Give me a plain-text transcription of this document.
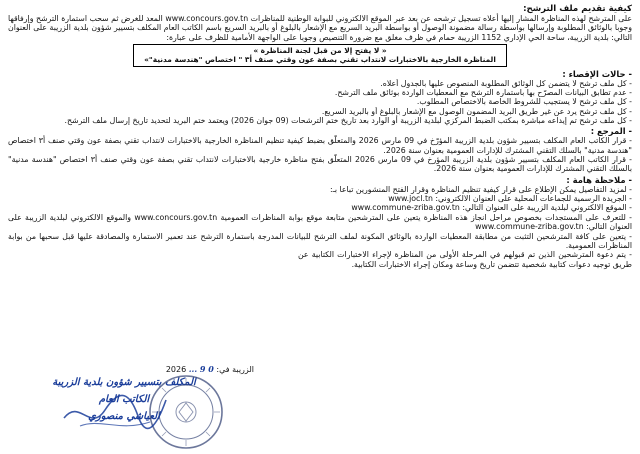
كيفية تقديم ملف الترشح:
على المترشح لهذه المناظرة المشار إليها أعلاه تسجيل ترشحه عن بعد عبر الموقع الالكتروني للبوابة الوطنية للمناظرات www.concours.gov.tn المعد للغرض ثم سحب استمارة الترشح وإرفاقها وجوبا بالوثائق المطلوبة وإرسالها بواسطة رسالة مضمونة الوصول أو بواسطة البريد السريع مع الإشعار بالبلوغ أو بالبريد السريع باسم الكاتب العام المكلف بتسيير شؤون بلدية الزريبة على العنوان التالي: بلدية الزريبة، ساحة الحي الإداري 1152 الزريبة حمام في ظرف مغلق مع ضرورة التنصيص وجوبا على الواجهة الأمامية للظرف على عبارة:
« لا يفتح إلا من قبل لجنة المناظرة »
المناظرة الخارجية بالاختبارات لانتداب تقني بصفة عون وقتي صنف أ٣ " اختصاص "هندسة مدنية"»
- حالات الإقصاء :
- كل ملف ترشح لا يتضمن كل الوثائق المطلوبة المنصوص عليها بالجدول أعلاه.
- عدم تطابق البيانات المصرّح بها باستمارة الترشح مع المعطيات الواردة بوثائق ملف الترشح.
- كل ملف ترشح لا يستجيب للشروط الخاصة بالاختصاص المطلوب.
- كل ملف ترشح يرد عن غير طريق البريد المضمون الوصول مع الإشعار بالبلوغ أو بالبريد السريع.
- كل ملف ترشح تم إيداعه مباشرة بمكتب الضبط المركزي لبلدية الزريبة أو الوارد بعد تاريخ ختم الترشحات (09 جوان 2026) ويعتمد ختم البريد لتحديد تاريخ إرسال ملف الترشح.
- المرجع :
- قرار الكاتب العام المكلف بتسيير شؤون بلدية الزريبة المؤرّخ في 09 مارس 2026 والمتعلّق بضبط كيفية تنظيم المناظرة الخارجية بالاختبارات لانتداب تقني بصفة عون وقتي صنف أ٣ اختصاص "هندسة مدنية" بالسلك التقني المشترك للإدارات العمومية بعنوان سنة 2026.
- قرار الكاتب العام المكلف بتسيير شؤون بلدية الزريبة المؤرخ في 09 مارس 2026 المتعلّق بفتح مناظرة خارجية بالاختبارات لانتداب تقني بصفة عون وقتي صنف أ٣ اختصاص "هندسة مدنية" بالسلك التقني المشترك للإدارات العمومية بعنوان سنة 2026.
- ملاحظة هامة :
- لمزيد التفاصيل يمكن الإطلاع على قرار كيفية تنظيم المناظرة وقرار الفتح المنشورين تباعا بـ:
- الجريدة الرسمية للجماعات المحلية على العنوان الالكتروني: www.jocl.tn
- الموقع الالكتروني لبلدية الزريبة على العنوان التالي: www.commune-zriba.gov.tn
- للتعرف على المستجدات بخصوص مراحل انجاز هذه المناظرة يتعين على المترشحين متابعة موقع بوابة المناظرات العمومية www.concours.gov.tn والموقع الالكتروني لبلدية الزريبة على العنوان التالي: www.commune-zriba.gov.tn
- يتعين على كافة المترشحين التثبت من مطابقة المعطيات الواردة بالوثائق المكونة لملف الترشح للبيانات المدرجة باستمارة الترشح عند تعمير الاستمارة والمصادقة عليها قبل سحبها من بوابة المناظرات العمومية.
- يتم دعوة المترشحين الذين تم قبولهم في المرحلة الأولى من المناظرة لإجراء الاختبارات الكتابية عن طريق توجيه دعوات كتابية شخصية تتضمن تاريخ وساعة ومكان إجراء الاختبارات الكتابية.
الزريبة في: 0 9 ... 2026
المكلف بتسيير شؤون بلدية الزريبة
الكاتب العام
العياشي منصوري
